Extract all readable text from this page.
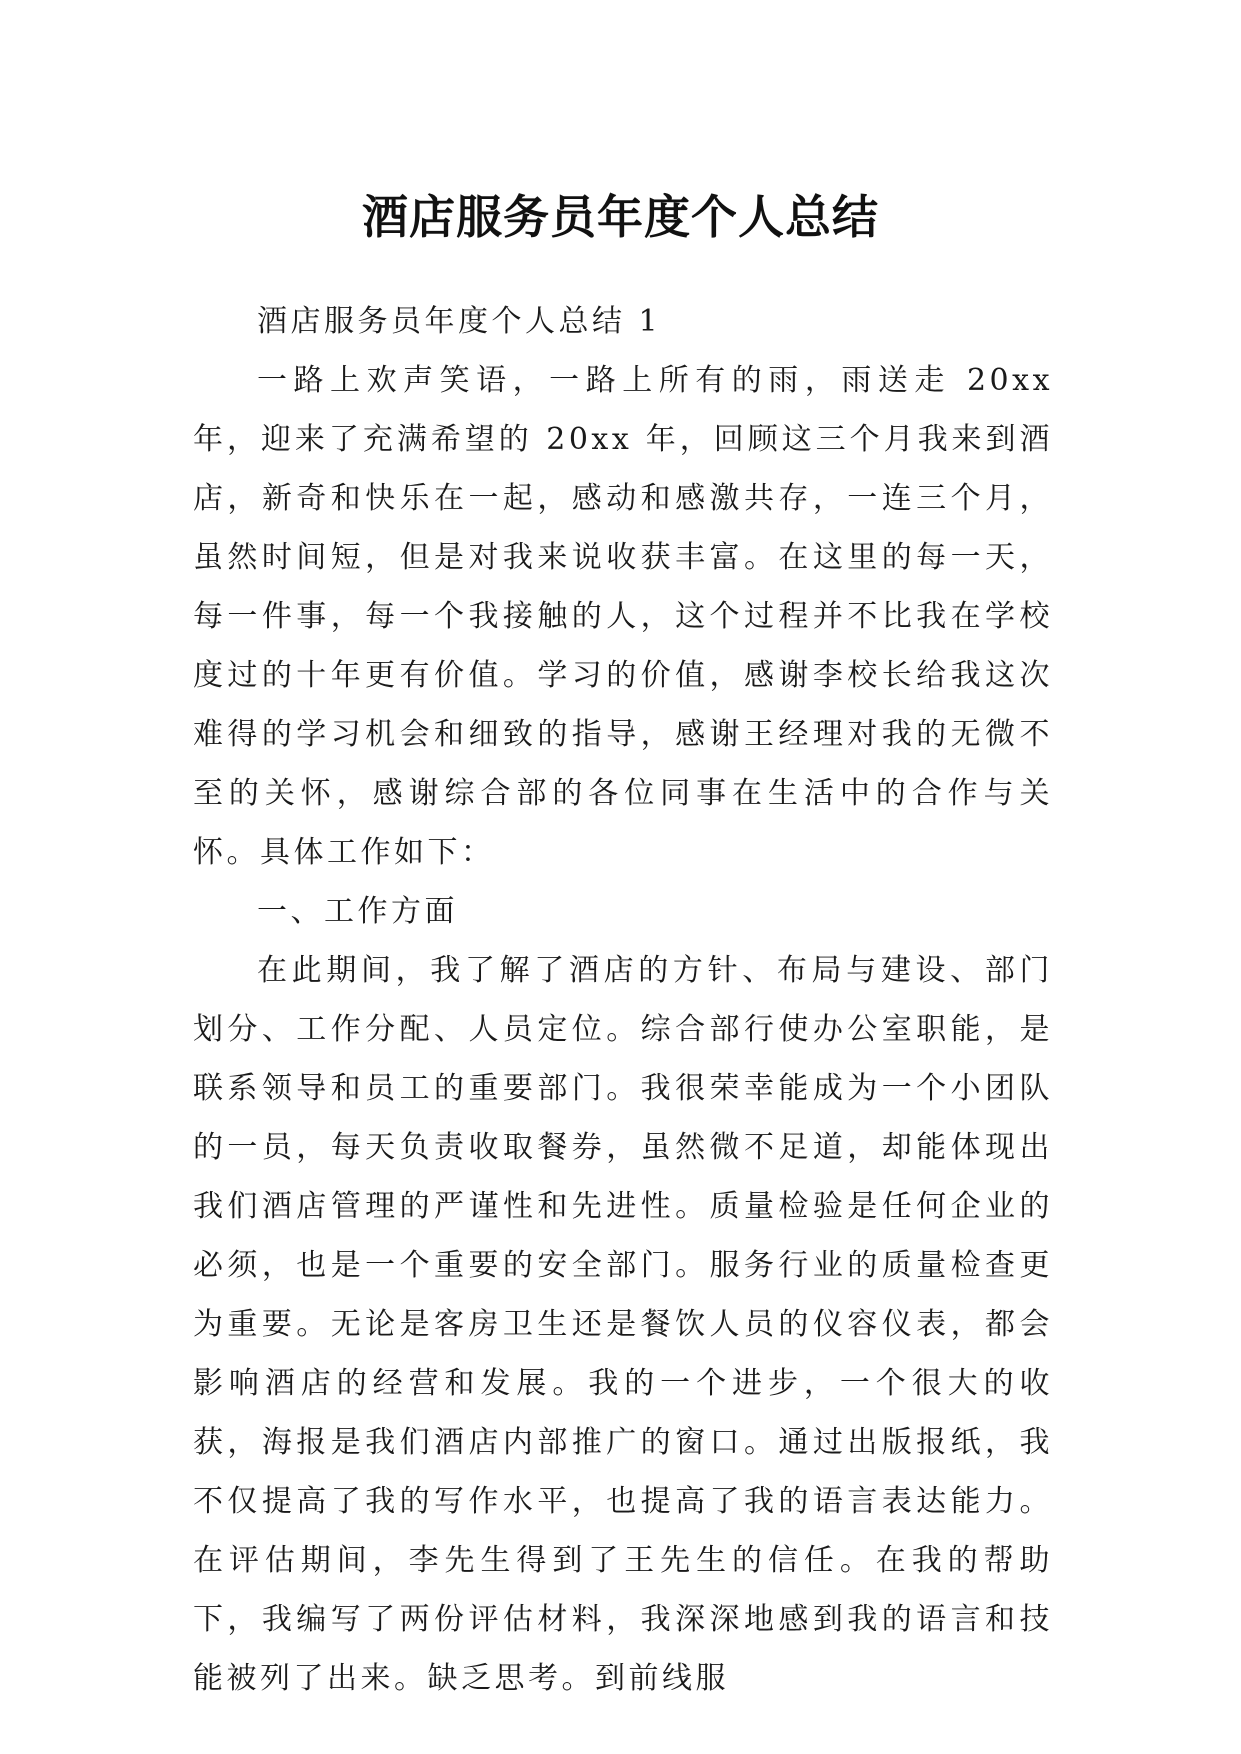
酒店服务员年度个人总结

酒店服务员年度个人总结 1

一路上欢声笑语，一路上所有的雨，雨送走 20xx 年，迎来了充满希望的 20xx 年，回顾这三个月我来到酒店，新奇和快乐在一起，感动和感激共存，一连三个月，虽然时间短，但是对我来说收获丰富。在这里的每一天，每一件事，每一个我接触的人，这个过程并不比我在学校度过的十年更有价值。学习的价值，感谢李校长给我这次难得的学习机会和细致的指导，感谢王经理对我的无微不至的关怀，感谢综合部的各位同事在生活中的合作与关怀。具体工作如下：

一、工作方面

在此期间，我了解了酒店的方针、布局与建设、部门划分、工作分配、人员定位。综合部行使办公室职能，是联系领导和员工的重要部门。我很荣幸能成为一个小团队的一员，每天负责收取餐券，虽然微不足道，却能体现出我们酒店管理的严谨性和先进性。质量检验是任何企业的必须，也是一个重要的安全部门。服务行业的质量检查更为重要。无论是客房卫生还是餐饮人员的仪容仪表，都会影响酒店的经营和发展。我的一个进步，一个很大的收获，海报是我们酒店内部推广的窗口。通过出版报纸，我不仅提高了我的写作水平，也提高了我的语言表达能力。在评估期间，李先生得到了王先生的信任。在我的帮助下，我编写了两份评估材料，我深深地感到我的语言和技能被列了出来。缺乏思考。到前线服
